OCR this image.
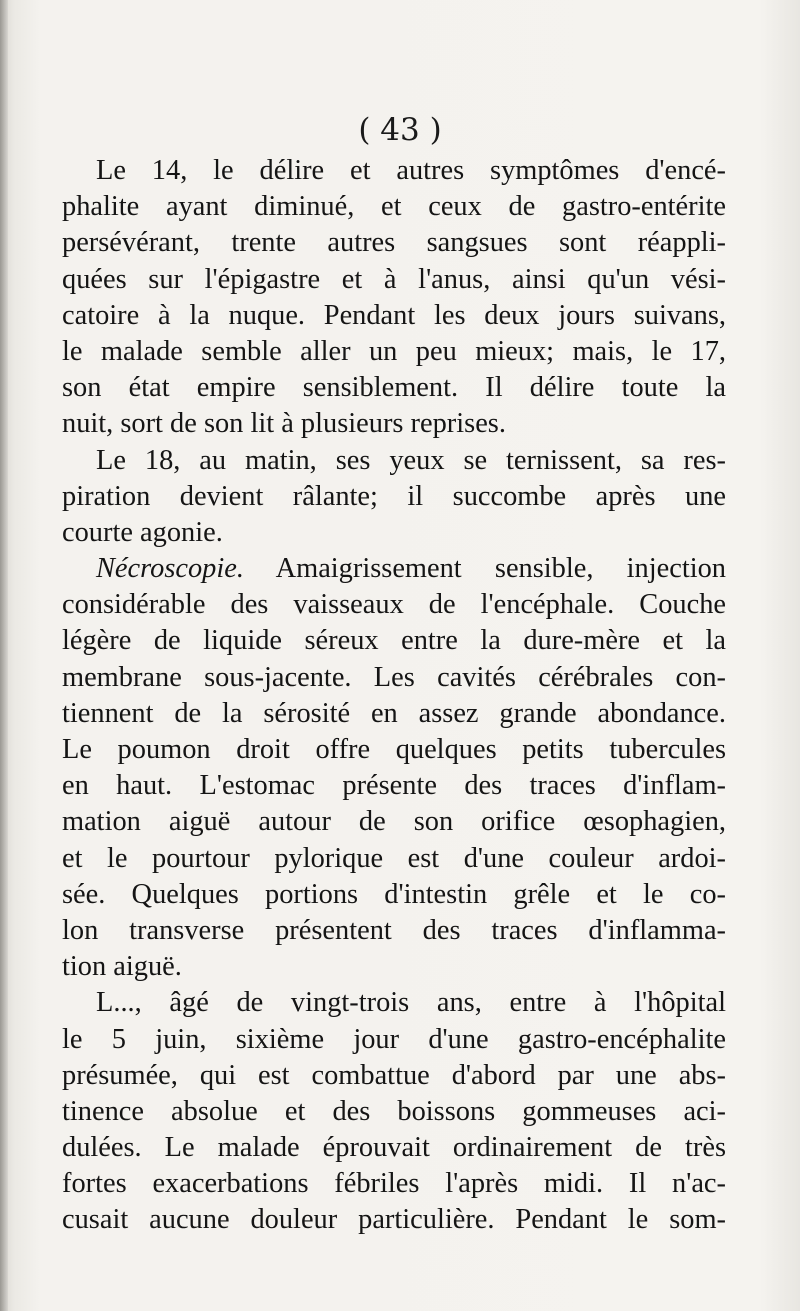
( 43 )
Le 14, le délire et autres symptômes d'encé-
phalite ayant diminué, et ceux de gastro-entérite
persévérant, trente autres sangsues sont réappli-
quées sur l'épigastre et à l'anus, ainsi qu'un vési-
catoire à la nuque. Pendant les deux jours suivans,
le malade semble aller un peu mieux; mais, le 17,
son état empire sensiblement. Il délire toute la
nuit, sort de son lit à plusieurs reprises.
Le 18, au matin, ses yeux se ternissent, sa res-
piration devient râlante; il succombe après une
courte agonie.
Nécroscopie. Amaigrissement sensible, injection
considérable des vaisseaux de l'encéphale. Couche
légère de liquide séreux entre la dure-mère et la
membrane sous-jacente. Les cavités cérébrales con-
tiennent de la sérosité en assez grande abondance.
Le poumon droit offre quelques petits tubercules
en haut. L'estomac présente des traces d'inflam-
mation aiguë autour de son orifice œsophagien,
et le pourtour pylorique est d'une couleur ardoi-
sée. Quelques portions d'intestin grêle et le co-
lon transverse présentent des traces d'inflamma-
tion aiguë.
L..., âgé de vingt-trois ans, entre à l'hôpital
le 5 juin, sixième jour d'une gastro-encéphalite
présumée, qui est combattue d'abord par une abs-
tinence absolue et des boissons gommeuses aci-
dulées. Le malade éprouvait ordinairement de très
fortes exacerbations fébriles l'après midi. Il n'ac-
cusait aucune douleur particulière. Pendant le som-
